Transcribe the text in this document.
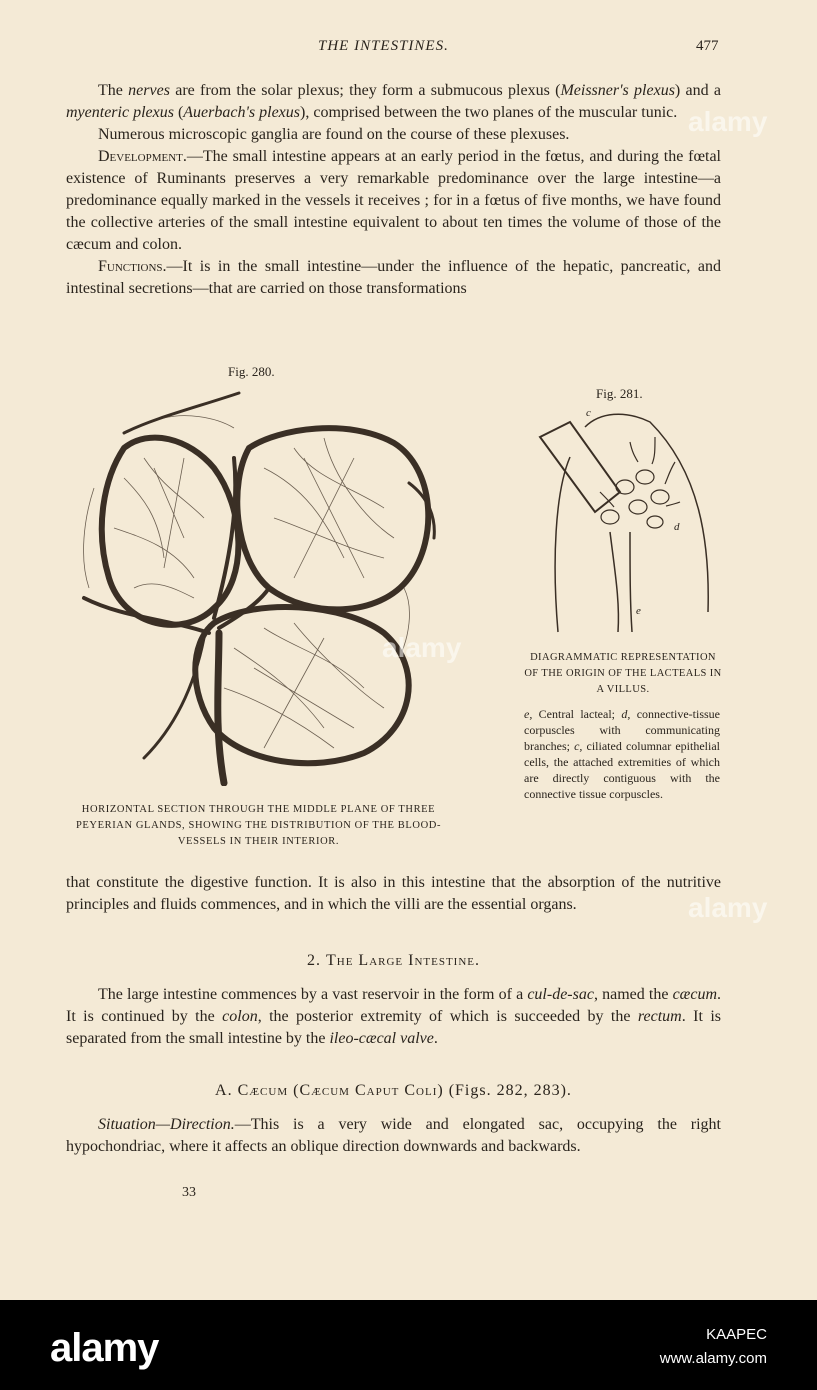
THE INTESTINES.	477

The nerves are from the solar plexus; they form a submucous plexus (Meissner's plexus) and a myenteric plexus (Auerbach's plexus), comprised between the two planes of the muscular tunic.

Numerous microscopic ganglia are found on the course of these plexuses.

Development.—The small intestine appears at an early period in the fœtus, and during the fœtal existence of Ruminants preserves a very remarkable predominance over the large intestine—a predominance equally marked in the vessels it receives ; for in a fœtus of five months, we have found the collective arteries of the small intestine equivalent to about ten times the volume of those of the cæcum and colon.

Functions.—It is in the small intestine—under the influence of the hepatic, pancreatic, and intestinal secretions—that are carried on those transformations

Fig. 280.
HORIZONTAL SECTION THROUGH THE MIDDLE PLANE OF THREE PEYERIAN GLANDS, SHOWING THE DISTRIBUTION OF THE BLOOD-VESSELS IN THEIR INTERIOR.
Fig. 281.
c
d
e
DIAGRAMMATIC REPRESENTATION OF THE ORIGIN OF THE LACTEALS IN A VILLUS.
e, Central lacteal; d, connective-tissue corpuscles with communicating branches; c, ciliated columnar epithelial cells, the attached extremities of which are directly contiguous with the connective tissue corpuscles.

that constitute the digestive function. It is also in this intestine that the absorption of the nutritive principles and fluids commences, and in which the villi are the essential organs.

2. The Large Intestine.

The large intestine commences by a vast reservoir in the form of a cul-de-sac, named the cæcum. It is continued by the colon, the posterior extremity of which is succeeded by the rectum. It is separated from the small intestine by the ileo-cæcal valve.

A. Cæcum (Cæcum Caput Coli) (Figs. 282, 283).

Situation—Direction.—This is a very wide and elongated sac, occupying the right hypochondriac, where it affects an oblique direction downwards and backwards.

33
alamy
alamy
alamy
alamy	KAAPEC
www.alamy.com
